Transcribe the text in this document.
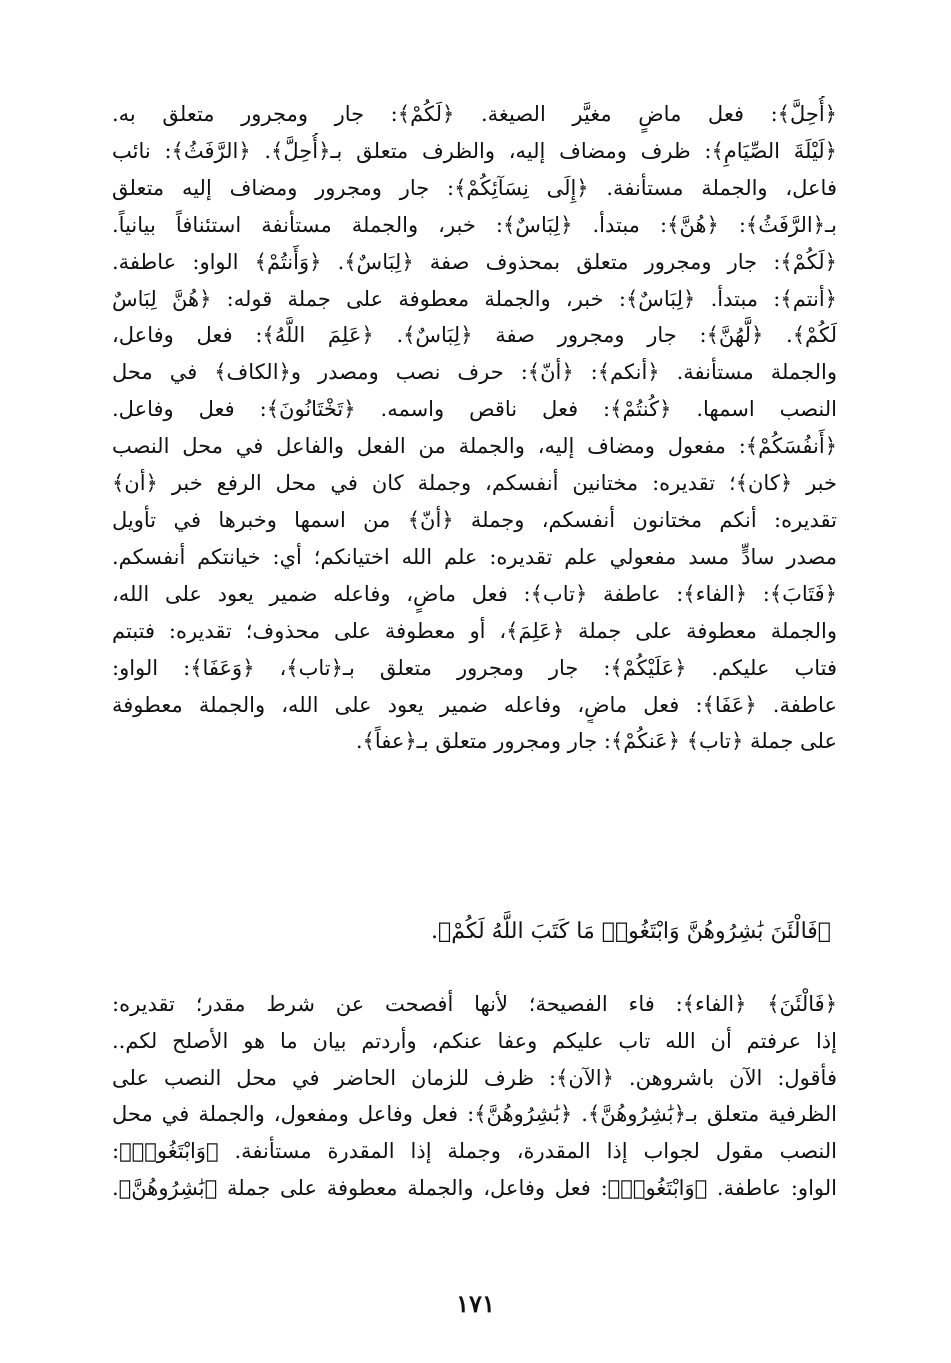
﴿أُحِلَّ﴾: فعل ماضٍ مغيَّر الصيغة. ﴿لَكُمْ﴾: جار ومجرور متعلق به.
﴿لَيْلَةَ الصِّيَامِ﴾: ظرف ومضاف إليه، والظرف متعلق بـ﴿أُحِلَّ﴾. ﴿الرَّفَثُ﴾: نائب
فاعل، والجملة مستأنفة. ﴿إِلَى نِسَآئِكُمْ﴾: جار ومجرور ومضاف إليه متعلق
بـ﴿الرَّفَثُ﴾: ﴿هُنَّ﴾: مبتدأ. ﴿لِبَاسٌ﴾: خبر، والجملة مستأنفة استئنافاً بيانياً.
﴿لَكُمْ﴾: جار ومجرور متعلق بمحذوف صفة ﴿لِبَاسٌ﴾. ﴿وَأَنتُمْ﴾ الواو: عاطفة.
﴿أنتم﴾: مبتدأ. ﴿لِبَاسٌ﴾: خبر، والجملة معطوفة على جملة قوله: ﴿هُنَّ لِبَاسٌ
لَكُمْ﴾. ﴿لَّهُنَّ﴾: جار ومجرور صفة ﴿لِبَاسٌ﴾. ﴿عَلِمَ اللَّهُ﴾: فعل وفاعل،
والجملة مستأنفة. ﴿أنكم﴾: ﴿أنّ﴾: حرف نصب ومصدر و﴿الكاف﴾ في محل
النصب اسمها. ﴿كُنتُمْ﴾: فعل ناقص واسمه. ﴿تَخْتَانُونَ﴾: فعل وفاعل.
﴿أَنفُسَكُمْ﴾: مفعول ومضاف إليه، والجملة من الفعل والفاعل في محل النصب
خبر ﴿كان﴾؛ تقديره: مختانين أنفسكم، وجملة كان في محل الرفع خبر ﴿أن﴾
تقديره: أنكم مختانون أنفسكم، وجملة ﴿أنّ﴾ من اسمها وخبرها في تأويل
مصدر سادٍّ مسد مفعولي علم تقديره: علم الله اختيانكم؛ أي: خيانتكم أنفسكم.
﴿فَتَابَ﴾: ﴿الفاء﴾: عاطفة ﴿تاب﴾: فعل ماضٍ، وفاعله ضمير يعود على الله،
والجملة معطوفة على جملة ﴿عَلِمَ﴾، أو معطوفة على محذوف؛ تقديره: فتبتم
فتاب عليكم. ﴿عَلَيْكُمْ﴾: جار ومجرور متعلق بـ﴿تاب﴾، ﴿وَعَفَا﴾: الواو:
عاطفة. ﴿عَفَا﴾: فعل ماضٍ، وفاعله ضمير يعود على الله، والجملة معطوفة
على جملة ﴿تاب﴾ ﴿عَنكُمْ﴾: جار ومجرور متعلق بـ﴿عفاً﴾.
﴿فَالْئَنَ بَٰشِرُوهُنَّ وَابْتَغُوا۟ مَا كَتَبَ اللَّهُ لَكُمْ﴾.
﴿فَالْئَنَ﴾ ﴿الفاء﴾: فاء الفصيحة؛ لأنها أفصحت عن شرط مقدر؛ تقديره:
إذا عرفتم أن الله تاب عليكم وعفا عنكم، وأردتم بيان ما هو الأصلح لكم..
فأقول: الآن باشروهن. ﴿الآن﴾: ظرف للزمان الحاضر في محل النصب على
الظرفية متعلق بـ﴿بَٰشِرُوهُنَّ﴾. ﴿بَٰشِرُوهُنَّ﴾: فعل وفاعل ومفعول، والجملة في محل
النصب مقول لجواب إذا المقدرة، وجملة إذا المقدرة مستأنفة. ﴿وَابْتَغُوا۟﴾:
الواو: عاطفة. ﴿وَابْتَغُوا۟﴾: فعل وفاعل، والجملة معطوفة على جملة ﴿بَٰشِرُوهُنَّ﴾.
١٧١
